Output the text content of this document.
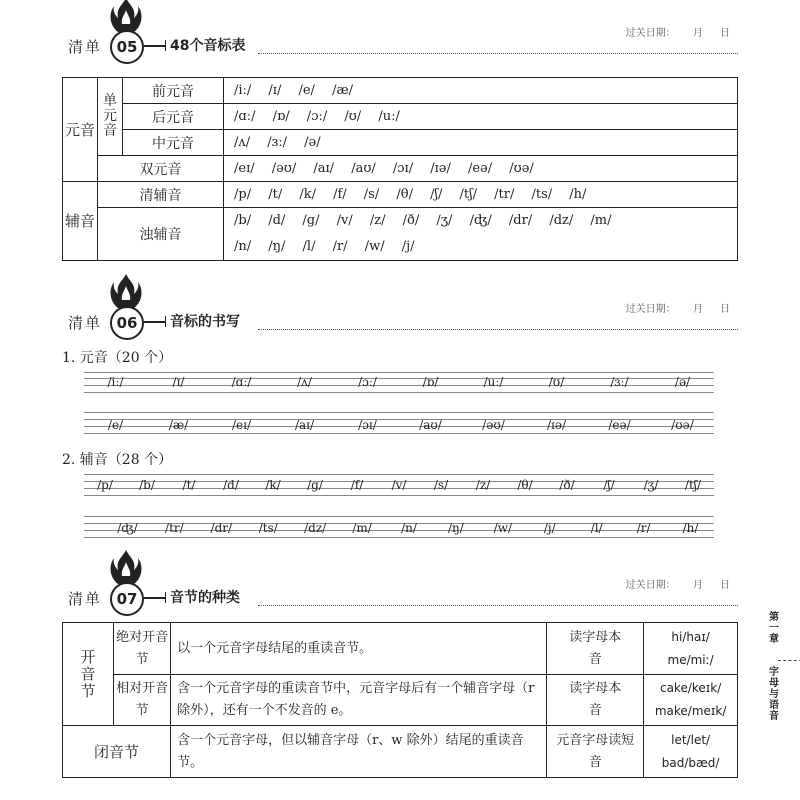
清单 05	48个音标表
过关日期： 月 日
元音	单元音	前元音	/iː/ /ɪ/ /e/ /æ/
		后元音	/ɑː/ /ɒ/ /ɔː/ /ʊ/ /uː/
		中元音	/ʌ/ /ɜː/ /ə/
	双元音		/eɪ/ /əʊ/ /aɪ/ /aʊ/ /ɔɪ/ /ɪə/ /eə/ /ʊə/
辅音	清辅音		/p/ /t/ /k/ /f/ /s/ /θ/ /ʃ/ /tʃ/ /tr/ /ts/ /h/
	浊辅音		/b/ /d/ /g/ /v/ /z/ /ð/ /ʒ/ /ʤ/ /dr/ /dz/ /m/
/n/ /ŋ/ /l/ /r/ /w/ /j/
清单 06	音标的书写
过关日期： 月 日
1. 元音（20 个）
/iː/	/ɪ/	/ɑː/	/ʌ/	/ɔː/	/ɒ/	/uː/	/ʊ/	/ɜː/	/ə/
/e/	/æ/	/eɪ/	/aɪ/	/ɔɪ/	/aʊ/	/əʊ/	/ɪə/	/eə/	/ʊə/
2. 辅音（28 个）
/p/	/b/	/t/	/d/	/k/	/g/	/f/	/v/	/s/	/z/	/θ/	/ð/	/ʃ/	/ʒ/	/tʃ/
/ʤ/	/tr/	/dr/	/ts/	/dz/	/m/	/n/	/ŋ/	/w/	/j/	/l/	/r/	/h/
清单 07	音节的种类
过关日期： 月 日
开音节	绝对开音节	以一个元音字母结尾的重读音节。	读字母本音	hi/haɪ/
me/miː/

	相对开音节	含一个元音字母的重读音节中，元音字母后有一个辅音字母（r 除外），还有一个不发音的 e。	读字母本音	cake/keɪk/
make/meɪk/

闭音节		含一个元音字母，但以辅音字母（r、w 除外）结尾的重读音节。	元音字母读短音	let/let/
bad/bæd/
第一章
字母与语音
